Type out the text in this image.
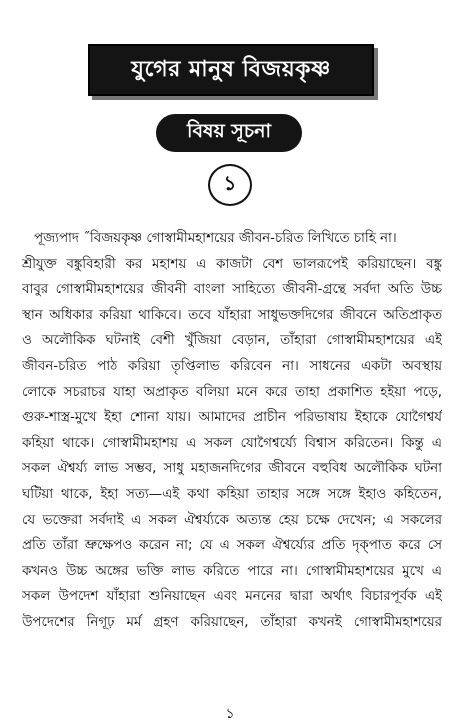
যুগের মানুষ বিজয়কৃষ্ণ
বিষয় সূচনা
১
পূজ্যপাদ ˝বিজয়কৃষ্ণ গোস্বামীমহাশয়ের জীবন-চরিত লিখিতে চাহি না।
শ্রীযুক্ত বঙ্কুবিহারী কর মহাশয় এ কাজটা বেশ ভালরূপেই করিয়াছেন। বঙ্কু
বাবুর গোস্বামীমহাশয়ের জীবনী বাংলা সাহিত্যে জীবনী-গ্রন্থে সর্বদা অতি উচ্চ
স্থান অধিকার করিয়া থাকিবে। তবে যাঁহারা সাধুভক্তদিগের জীবনে অতিপ্রাকৃত
ও অলৌকিক ঘটনাই বেশী খুঁজিয়া বেড়ান, তাঁহারা গোস্বামীমহাশয়ের এই
জীবন-চরিত পাঠ করিয়া তৃপ্তিলাভ করিবেন না। সাধনের একটা অবস্থায়
লোকে সচরাচর যাহা অপ্রাকৃত বলিয়া মনে করে তাহা প্রকাশিত হইয়া পড়ে,
গুরু-শাস্ত্র-মুখে ইহা শোনা যায়। আমাদের প্রাচীন পরিভাষায় ইহাকে যোগৈশ্বর্য
কহিয়া থাকে। গোস্বামীমহাশয় এ সকল যোগৈশ্বর্য্যে বিশ্বাস করিতেন। কিন্তু এ
সকল ঐশ্বর্য্য লাভ সম্ভব, সাধু মহাজনদিগের জীবনে বহুবিধ অলৌকিক ঘটনা
ঘটিয়া থাকে, ইহা সত্য—এই কথা কহিয়া তাহার সঙ্গে সঙ্গে ইহাও কহিতেন,
যে ভক্তেরা সর্বদাই এ সকল ঐশ্বর্য্যকে অত্যন্ত হেয় চক্ষে দেখেন; এ সকলের
প্রতি তাঁরা ভ্রুক্ষেপও করেন না; যে এ সকল ঐশ্বর্য্যের প্রতি দৃক্‌পাত করে সে
কখনও উচ্চ অঙ্গের ভক্তি লাভ করিতে পারে না। গোস্বামীমহাশয়ের মুখে এ
সকল উপদেশ যাঁহারা শুনিয়াছেন এবং মননের দ্বারা অর্থাৎ বিচারপূর্বক এই
উপদেশের নিগূঢ় মর্ম গ্রহণ করিয়াছেন, তাঁহারা কখনই গোস্বামীমহাশয়ের
১
